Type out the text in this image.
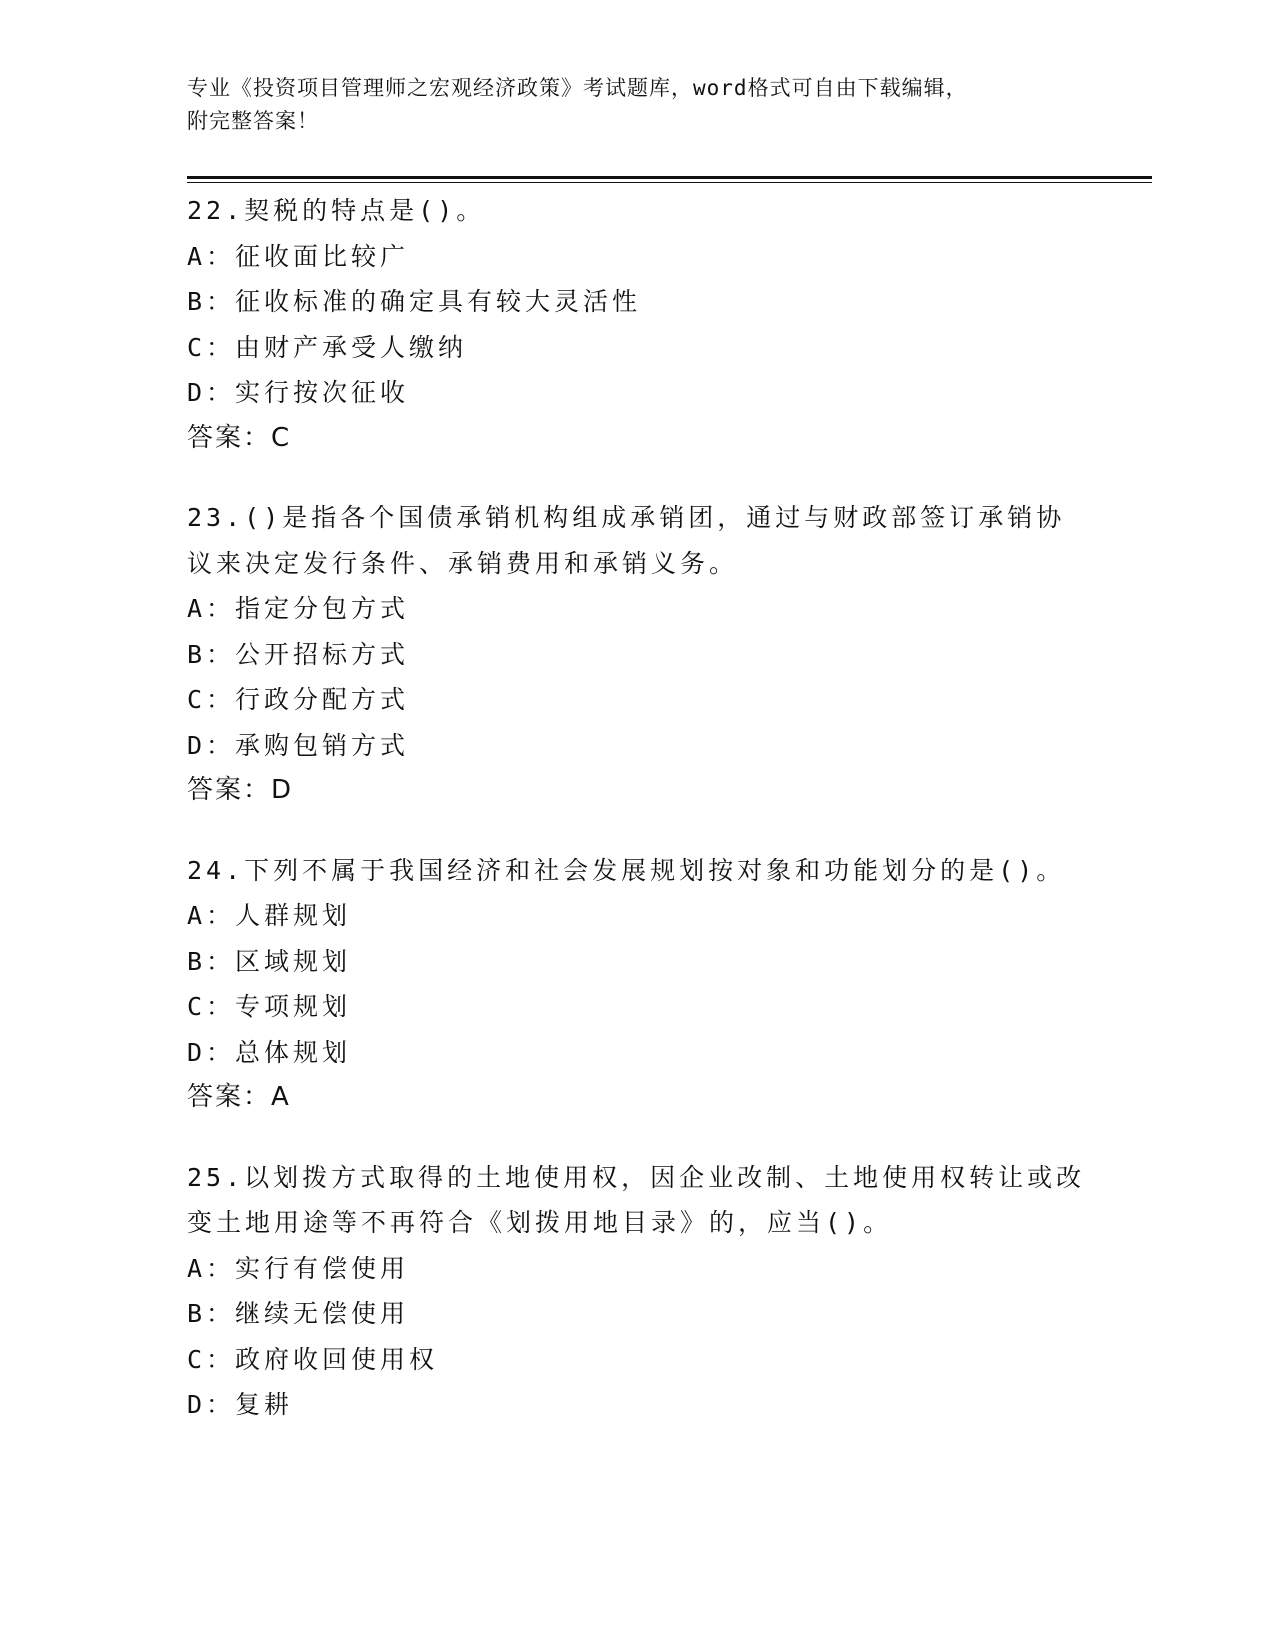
专业《投资项目管理师之宏观经济政策》考试题库，word格式可自由下载编辑，
附完整答案！
22.契税的特点是()。
A：征收面比较广
B：征收标准的确定具有较大灵活性
C：由财产承受人缴纳
D：实行按次征收
答案：C
23.()是指各个国债承销机构组成承销团，通过与财政部签订承销协议来决定发行条件、承销费用和承销义务。
A：指定分包方式
B：公开招标方式
C：行政分配方式
D：承购包销方式
答案：D
24.下列不属于我国经济和社会发展规划按对象和功能划分的是()。
A：人群规划
B：区域规划
C：专项规划
D：总体规划
答案：A
25.以划拨方式取得的土地使用权，因企业改制、土地使用权转让或改变土地用途等不再符合《划拨用地目录》的，应当()。
A：实行有偿使用
B：继续无偿使用
C：政府收回使用权
D：复耕
